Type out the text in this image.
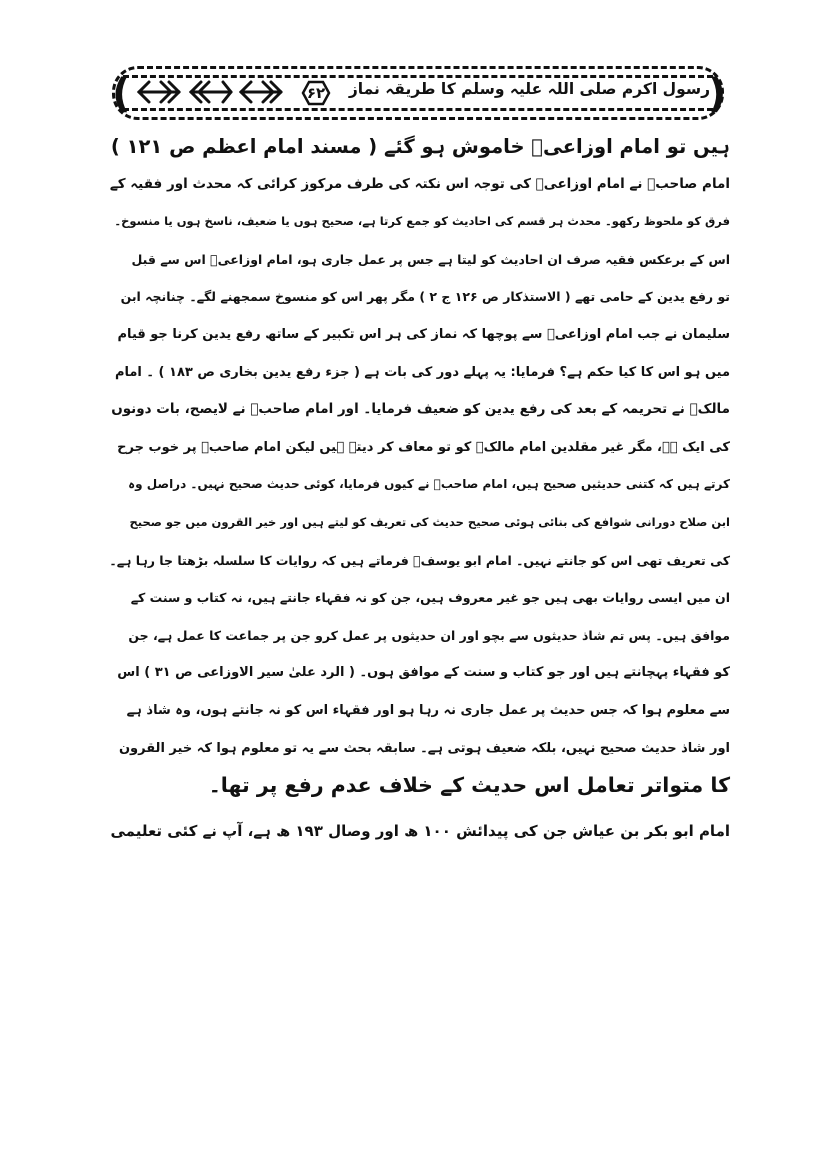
(	)
۶۲ رسول اکرم صلی اللہ علیہ وسلم کا طریقہ نماز
ہیں تو امام اوزاعیؒ خاموش ہو گئے ( مسند امام اعظم ص ۱۲۱ )
امام صاحبؒ نے امام اوزاعیؒ کی توجہ اس نکتہ کی طرف مرکوز کرائی کہ محدث اور فقیہ کے
فرق کو ملحوظ رکھو۔ محدث ہر قسم کی احادیث کو جمع کرتا ہے، صحیح ہوں یا ضعیف، ناسخ ہوں یا منسوخ۔
اس کے برعکس فقیہ صرف ان احادیث کو لیتا ہے جس پر عمل جاری ہو، امام اوزاعیؒ اس سے قبل
تو رفع یدین کے حامی تھے ( الاستذکار ص ۱۲۶ ج ۲ ) مگر پھر اس کو منسوخ سمجھنے لگے۔ چنانچہ ابن
سلیمان نے جب امام اوزاعیؒ سے پوچھا کہ نماز کی ہر اس تکبیر کے ساتھ رفع یدین کرنا جو قیام
میں ہو اس کا کیا حکم ہے؟ فرمایا: یہ پہلے دور کی بات ہے ( جزء رفع یدین بخاری ص ۱۸۳ ) ۔ امام
مالکؒ نے تحریمہ کے بعد کی رفع یدین کو ضعیف فرمایا۔ اور امام صاحبؒ نے لایصح، بات دونوں
کی ایک ہے، مگر غیر مقلدین امام مالکؒ کو تو معاف کر دیتے ہیں لیکن امام صاحبؒ پر خوب جرح
کرتے ہیں کہ کتنی حدیثیں صحیح ہیں، امام صاحبؒ نے کیوں فرمایا، کوئی حدیث صحیح نہیں۔ دراصل وہ
ابن صلاح دورانی شوافع کی بنائی ہوئی صحیح حدیث کی تعریف کو لیتے ہیں اور خیر القرون میں جو صحیح
کی تعریف تھی اس کو جانتے نہیں۔ امام ابو یوسفؒ فرماتے ہیں کہ روایات کا سلسلہ بڑھتا جا رہا ہے۔
ان میں ایسی روایات بھی ہیں جو غیر معروف ہیں، جن کو نہ فقہاء جانتے ہیں، نہ کتاب و سنت کے
موافق ہیں۔ پس تم شاذ حدیثوں سے بچو اور ان حدیثوں پر عمل کرو جن پر جماعت کا عمل ہے، جن
کو فقہاء پہچانتے ہیں اور جو کتاب و سنت کے موافق ہوں۔ ( الرد علیٰ سیر الاوزاعی ص ۳۱ ) اس
سے معلوم ہوا کہ جس حدیث پر عمل جاری نہ رہا ہو اور فقہاء اس کو نہ جانتے ہوں، وہ شاذ ہے
اور شاذ حدیث صحیح نہیں، بلکہ ضعیف ہوتی ہے۔ سابقہ بحث سے یہ تو معلوم ہوا کہ خیر القرون
کا متواتر تعامل اس حدیث کے خلاف عدم رفع پر تھا۔
امام ابو بکر بن عیاش جن کی پیدائش ۱۰۰ ھ اور وصال ۱۹۳ ھ ہے، آپ نے کئی تعلیمی
